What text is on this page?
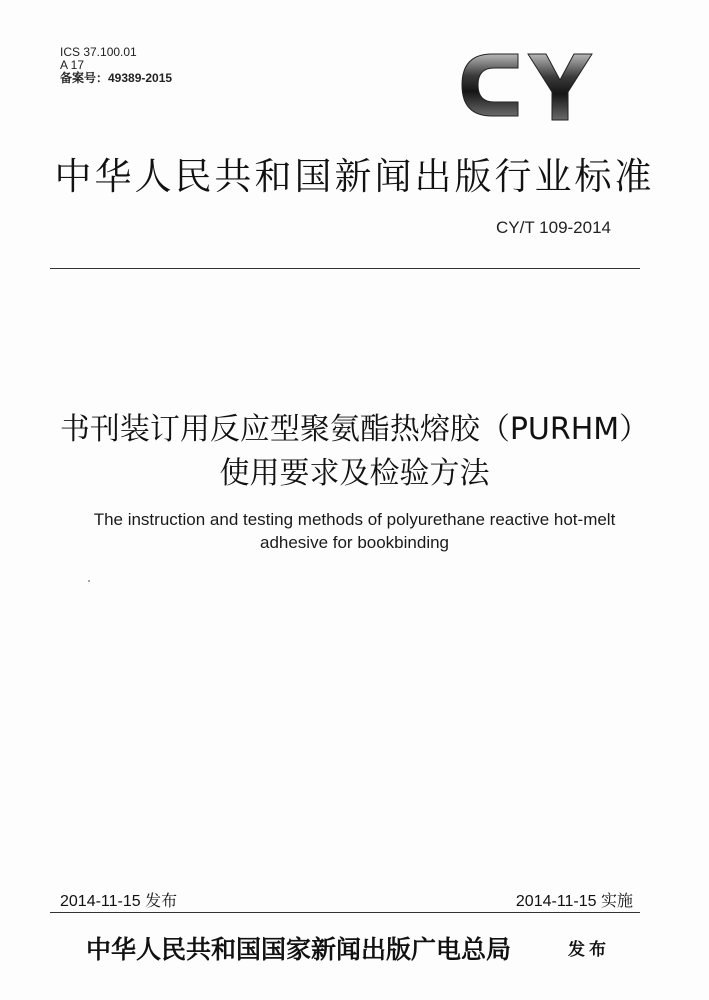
ICS 37.100.01
A 17
备案号：49389-2015
中华人民共和国新闻出版行业标准
CY/T 109-2014
书刊装订用反应型聚氨酯热熔胶（PURHM）
使用要求及检验方法
The instruction and testing methods of polyurethane reactive hot-melt
adhesive for bookbinding
2014-11-15 发布	2014-11-15 实施
中华人民共和国国家新闻出版广电总局	发布
